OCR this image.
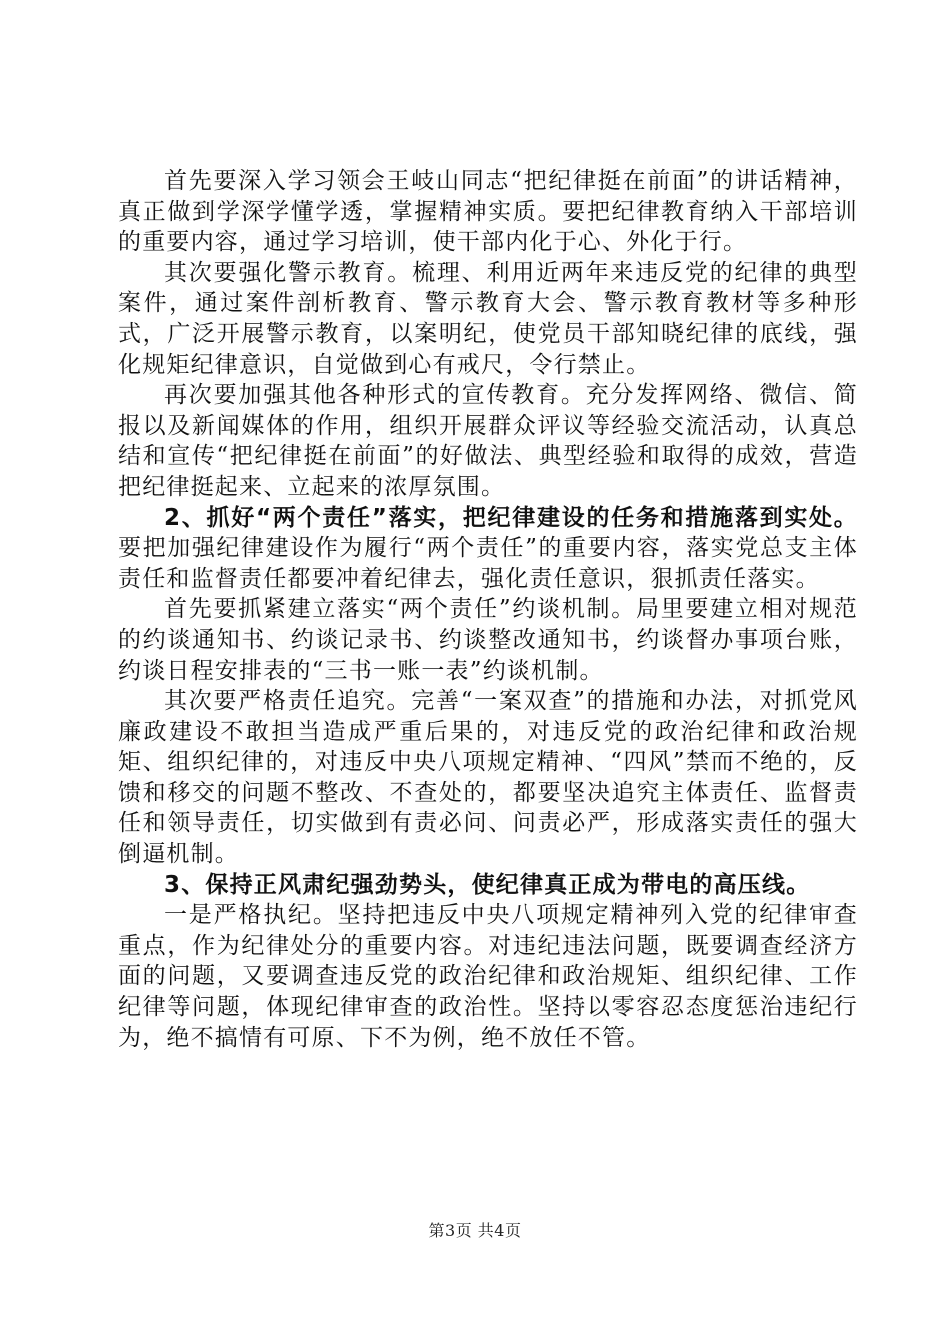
首先要深入学习领会王岐山同志“把纪律挺在前面”的讲话精神，真正做到学深学懂学透，掌握精神实质。要把纪律教育纳入干部培训的重要内容，通过学习培训，使干部内化于心、外化于行。

其次要强化警示教育。梳理、利用近两年来违反党的纪律的典型案件，通过案件剖析教育、警示教育大会、警示教育教材等多种形式，广泛开展警示教育，以案明纪，使党员干部知晓纪律的底线，强化规矩纪律意识，自觉做到心有戒尺，令行禁止。

再次要加强其他各种形式的宣传教育。充分发挥网络、微信、简报以及新闻媒体的作用，组织开展群众评议等经验交流活动，认真总结和宣传“把纪律挺在前面”的好做法、典型经验和取得的成效，营造把纪律挺起来、立起来的浓厚氛围。

2、抓好“两个责任”落实，把纪律建设的任务和措施落到实处。要把加强纪律建设作为履行“两个责任”的重要内容，落实党总支主体责任和监督责任都要冲着纪律去，强化责任意识，狠抓责任落实。

首先要抓紧建立落实“两个责任”约谈机制。局里要建立相对规范的约谈通知书、约谈记录书、约谈整改通知书，约谈督办事项台账，约谈日程安排表的“三书一账一表”约谈机制。

其次要严格责任追究。完善“一案双查”的措施和办法，对抓党风廉政建设不敢担当造成严重后果的，对违反党的政治纪律和政治规矩、组织纪律的，对违反中央八项规定精神、“四风”禁而不绝的，反馈和移交的问题不整改、不查处的，都要坚决追究主体责任、监督责任和领导责任，切实做到有责必问、问责必严，形成落实责任的强大倒逼机制。

3、保持正风肃纪强劲势头，使纪律真正成为带电的高压线。

一是严格执纪。坚持把违反中央八项规定精神列入党的纪律审查重点，作为纪律处分的重要内容。对违纪违法问题，既要调查经济方面的问题，又要调查违反党的政治纪律和政治规矩、组织纪律、工作纪律等问题，体现纪律审查的政治性。坚持以零容忍态度惩治违纪行为，绝不搞情有可原、下不为例，绝不放任不管。

第3页 共4页
